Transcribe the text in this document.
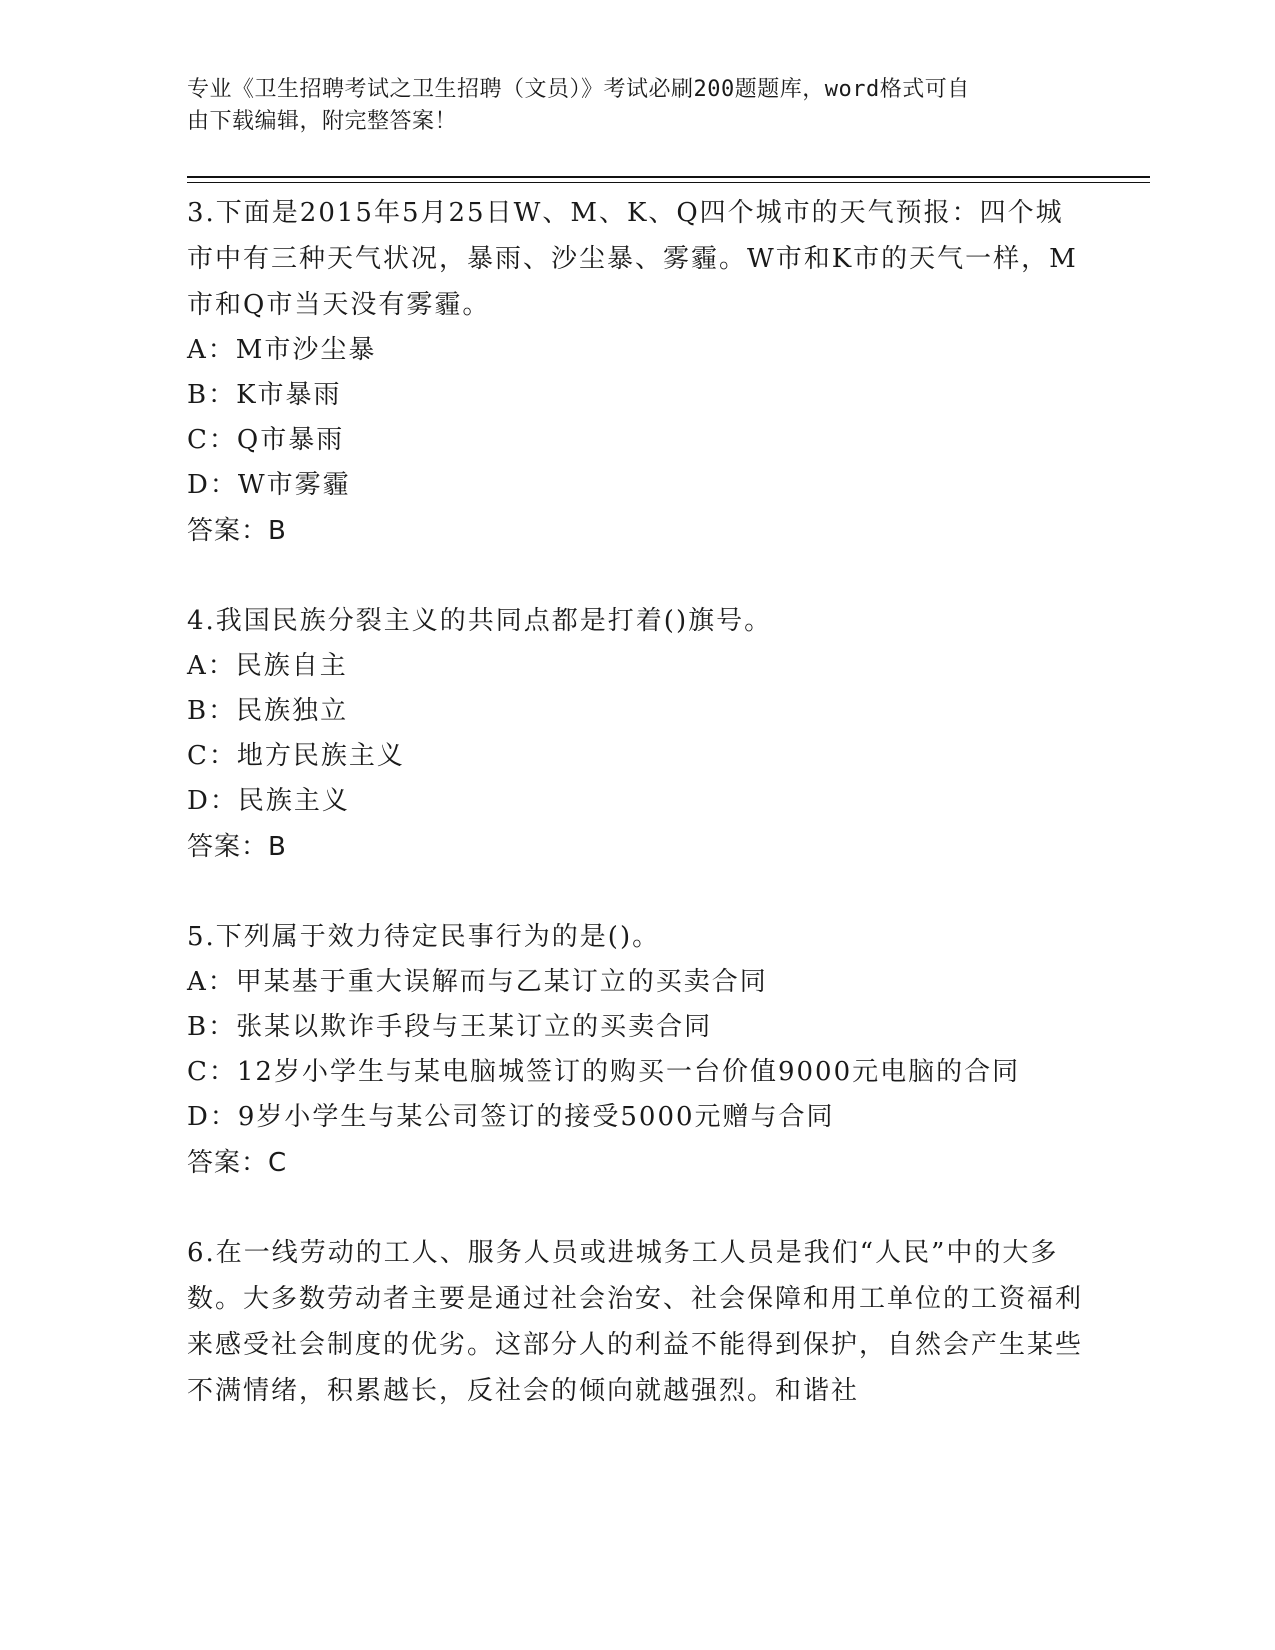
专业《卫生招聘考试之卫生招聘（文员）》考试必刷200题题库，word格式可自
由下载编辑，附完整答案！

3.下面是2015年5月25日W、M、K、Q四个城市的天气预报：四个城市中有三种天气状况，暴雨、沙尘暴、雾霾。W市和K市的天气一样，M市和Q市当天没有雾霾。

A：M市沙尘暴

B：K市暴雨

C：Q市暴雨

D：W市雾霾

答案：B

4.我国民族分裂主义的共同点都是打着()旗号。

A：民族自主

B：民族独立

C：地方民族主义

D：民族主义

答案：B

5.下列属于效力待定民事行为的是()。

A：甲某基于重大误解而与乙某订立的买卖合同

B：张某以欺诈手段与王某订立的买卖合同

C：12岁小学生与某电脑城签订的购买一台价值9000元电脑的合同

D：9岁小学生与某公司签订的接受5000元赠与合同

答案：C

6.在一线劳动的工人、服务人员或进城务工人员是我们“人民”中的大多数。大多数劳动者主要是通过社会治安、社会保障和用工单位的工资福利来感受社会制度的优劣。这部分人的利益不能得到保护，自然会产生某些不满情绪，积累越长，反社会的倾向就越强烈。和谐社
